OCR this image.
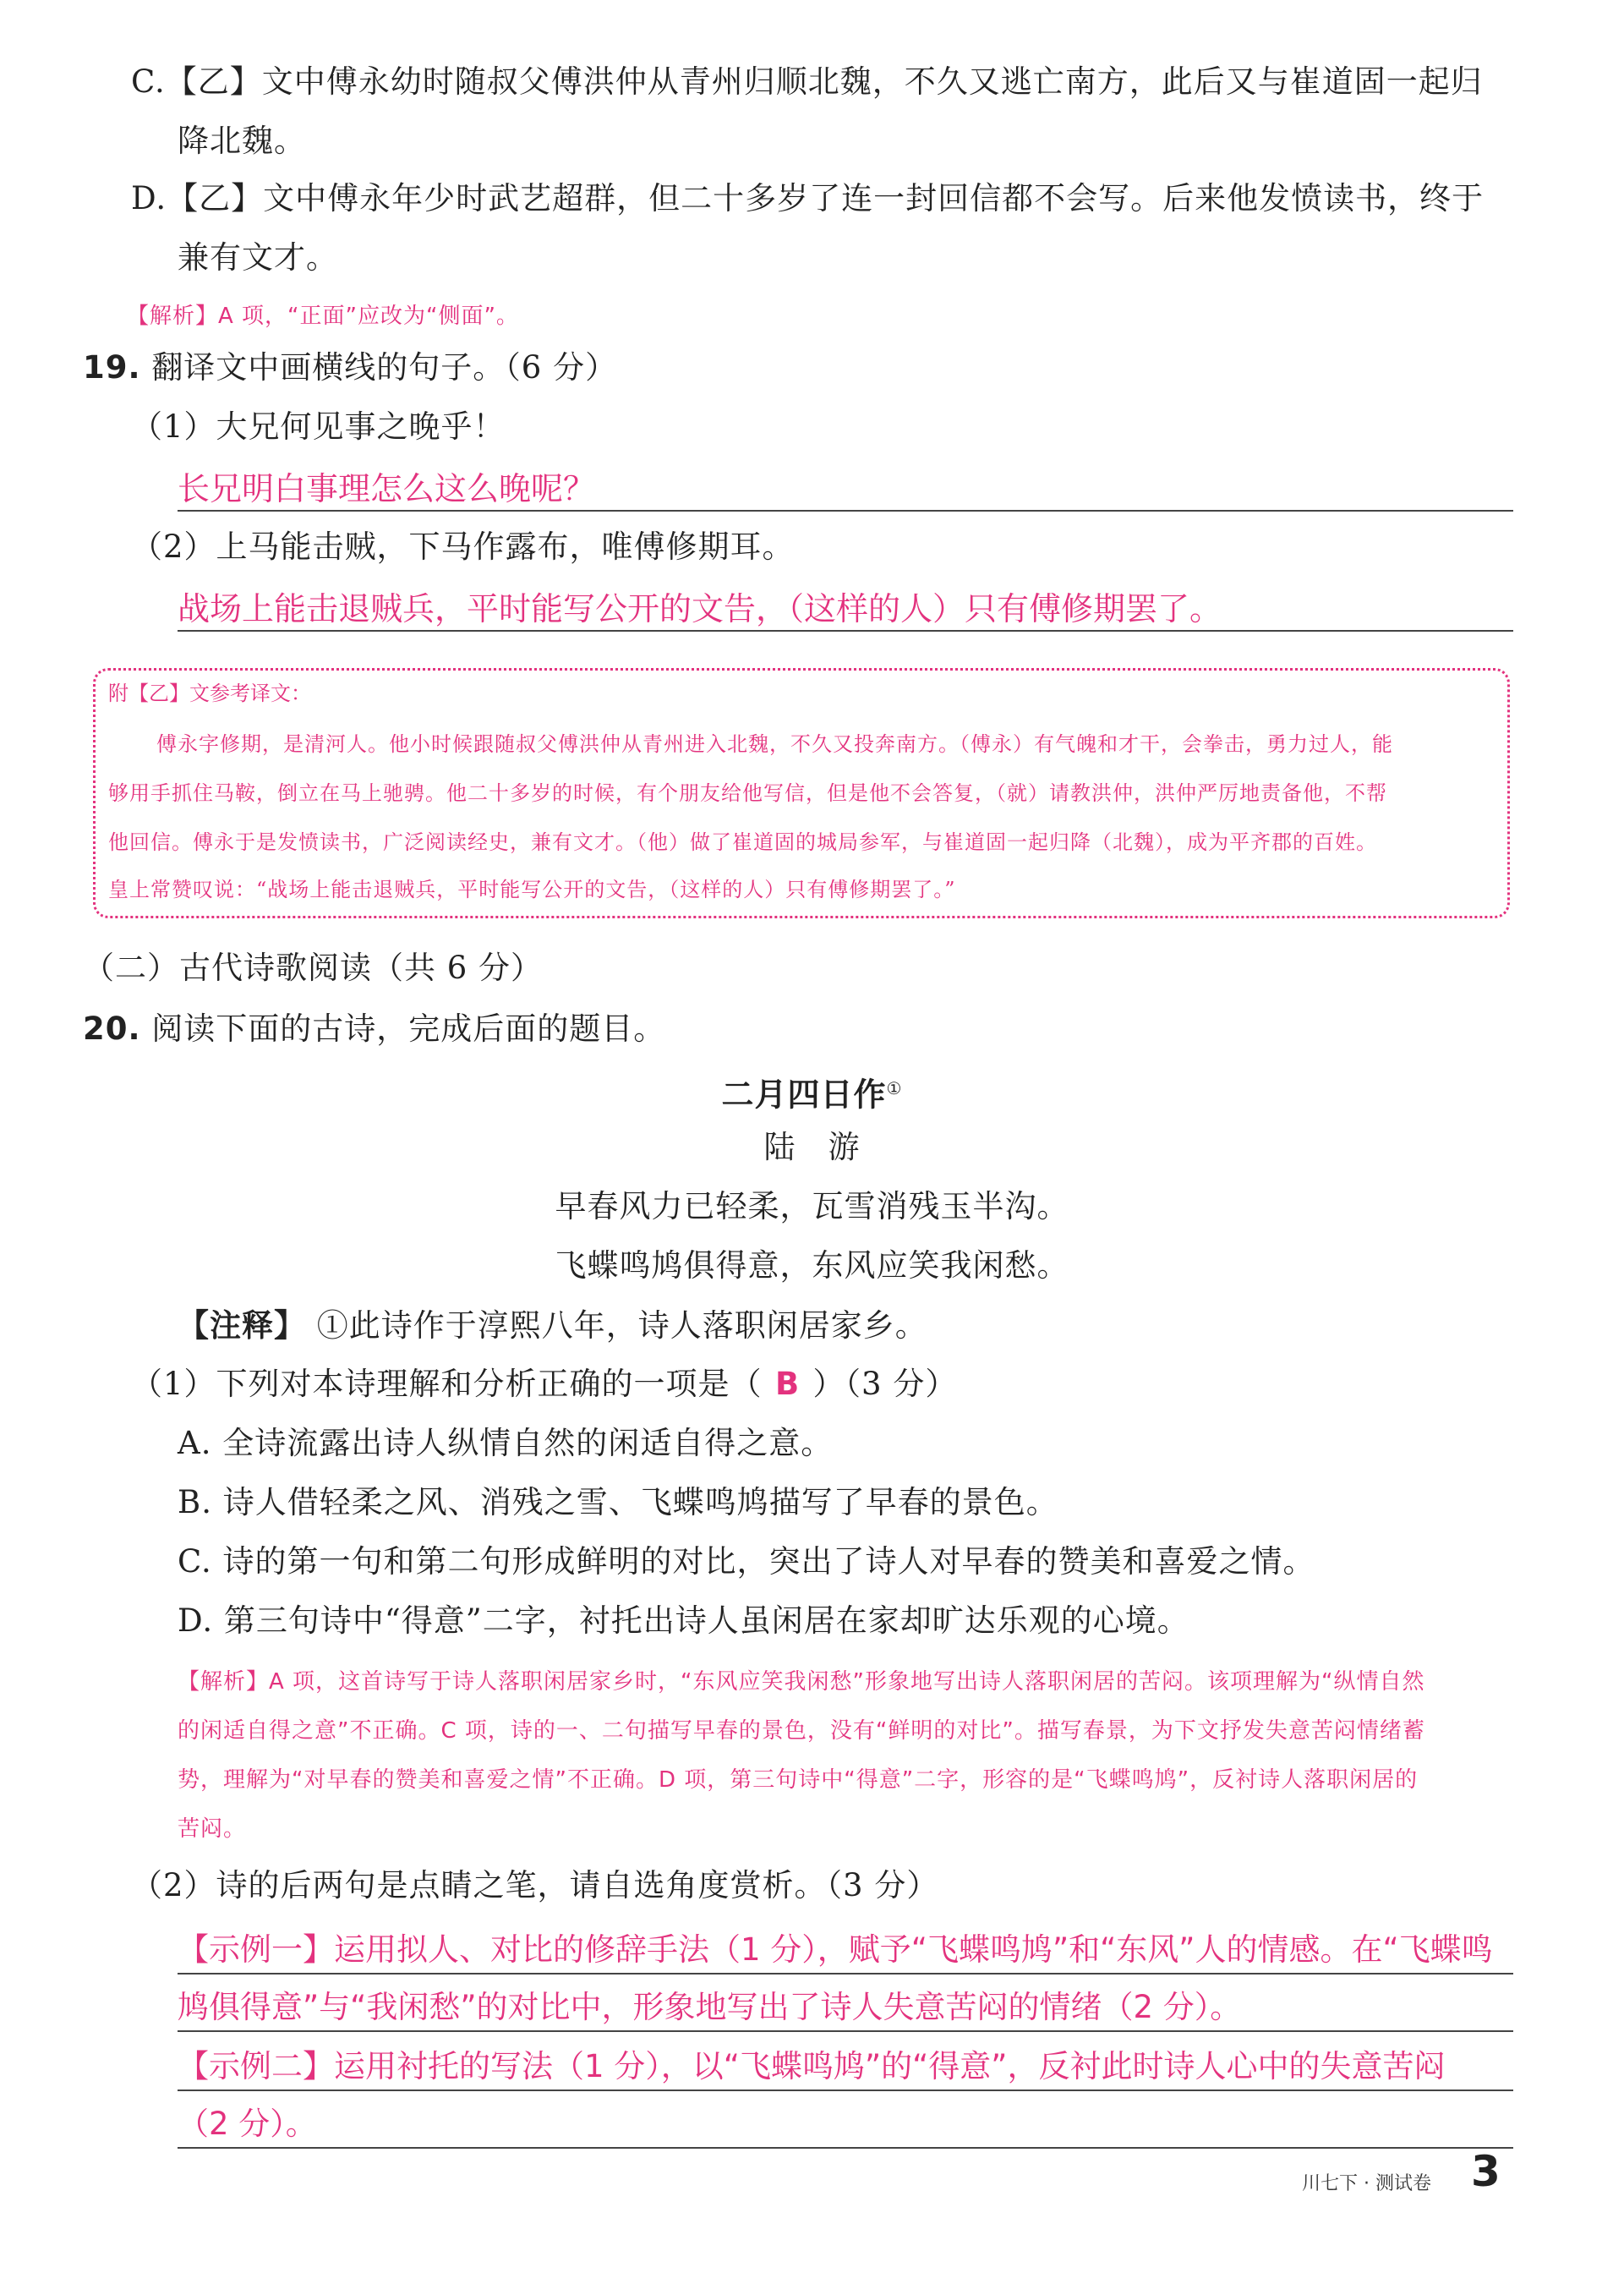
C.【乙】文中傅永幼时随叔父傅洪仲从青州归顺北魏，不久又逃亡南方，此后又与崔道固一起归
降北魏。
D.【乙】文中傅永年少时武艺超群，但二十多岁了连一封回信都不会写。后来他发愤读书，终于
兼有文才。
【解析】A 项，“正面”应改为“侧面”。
19. 翻译文中画横线的句子。（6 分）
（1）大兄何见事之晚乎！
长兄明白事理怎么这么晚呢？
（2）上马能击贼，下马作露布，唯傅修期耳。
战场上能击退贼兵，平时能写公开的文告，（这样的人）只有傅修期罢了。
附【乙】文参考译文：
傅永字修期，是清河人。他小时候跟随叔父傅洪仲从青州进入北魏，不久又投奔南方。（傅永）有气魄和才干，会拳击，勇力过人，能
够用手抓住马鞍，倒立在马上驰骋。他二十多岁的时候，有个朋友给他写信，但是他不会答复，（就）请教洪仲，洪仲严厉地责备他，不帮
他回信。傅永于是发愤读书，广泛阅读经史，兼有文才。（他）做了崔道固的城局参军，与崔道固一起归降（北魏），成为平齐郡的百姓。
皇上常赞叹说：“战场上能击退贼兵，平时能写公开的文告，（这样的人）只有傅修期罢了。”
（二）古代诗歌阅读（共 6 分）
20. 阅读下面的古诗，完成后面的题目。
二月四日作①
陆　游
早春风力已轻柔，瓦雪消残玉半沟。
飞蝶鸣鸠俱得意，东风应笑我闲愁。
【注释】 ①此诗作于淳熙八年，诗人落职闲居家乡。
（1）下列对本诗理解和分析正确的一项是（ B ）（3 分）
A. 全诗流露出诗人纵情自然的闲适自得之意。
B. 诗人借轻柔之风、消残之雪、飞蝶鸣鸠描写了早春的景色。
C. 诗的第一句和第二句形成鲜明的对比，突出了诗人对早春的赞美和喜爱之情。
D. 第三句诗中“得意”二字，衬托出诗人虽闲居在家却旷达乐观的心境。
【解析】A 项，这首诗写于诗人落职闲居家乡时，“东风应笑我闲愁”形象地写出诗人落职闲居的苦闷。该项理解为“纵情自然
的闲适自得之意”不正确。C 项，诗的一、二句描写早春的景色，没有“鲜明的对比”。描写春景，为下文抒发失意苦闷情绪蓄
势，理解为“对早春的赞美和喜爱之情”不正确。D 项，第三句诗中“得意”二字，形容的是“飞蝶鸣鸠”，反衬诗人落职闲居的
苦闷。
（2）诗的后两句是点睛之笔，请自选角度赏析。（3 分）
【示例一】运用拟人、对比的修辞手法（1 分），赋予“飞蝶鸣鸠”和“东风”人的情感。在“飞蝶鸣
鸠俱得意”与“我闲愁”的对比中，形象地写出了诗人失意苦闷的情绪（2 分）。
【示例二】运用衬托的写法（1 分），以“飞蝶鸣鸠”的“得意”，反衬此时诗人心中的失意苦闷
（2 分）。
川七下 · 测试卷 3
